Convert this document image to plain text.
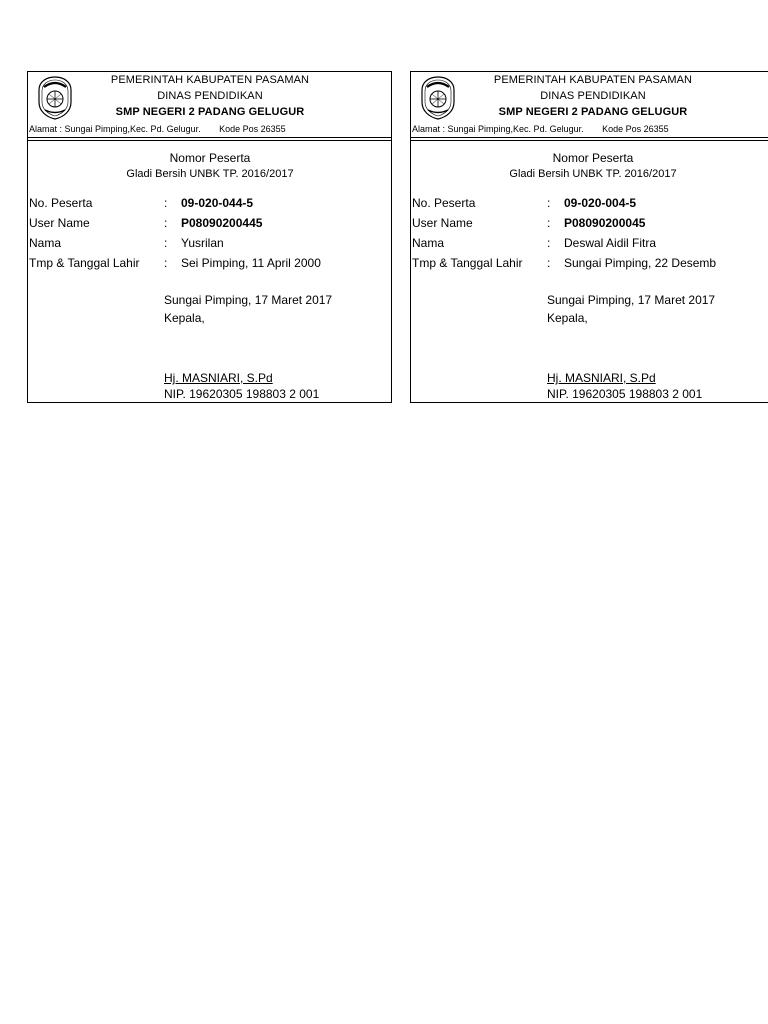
PEMERINTAH KABUPATEN PASAMAN
DINAS PENDIDIKAN
SMP NEGERI 2 PADANG GELUGUR
Alamat : Sungai Pimping,Kec. Pd. Gelugur. Kode Pos 26355
Nomor Peserta
Gladi Bersih UNBK TP. 2016/2017
No. Peserta	: 09-020-044-5
User Name	: P08090200445
Nama	: Yusrilan
Tmp & Tanggal Lahir : Sei Pimping, 11 April 2000
Sungai Pimping, 17 Maret 2017
Kepala,
Hj. MASNIARI, S.Pd
NIP. 19620305 198803 2 001
PEMERINTAH KABUPATEN PASAMAN
DINAS PENDIDIKAN
SMP NEGERI 2 PADANG GELUGUR
Alamat : Sungai Pimping,Kec. Pd. Gelugur. Kode Pos 26355
Nomor Peserta
Gladi Bersih UNBK TP. 2016/2017
No. Peserta	: 09-020-004-5
User Name	: P08090200045
Nama	: Deswal Aidil Fitra
Tmp & Tanggal Lahir : Sungai Pimping, 22 Desemb
Sungai Pimping, 17 Maret 2017
Kepala,
Hj. MASNIARI, S.Pd
NIP. 19620305 198803 2 001
